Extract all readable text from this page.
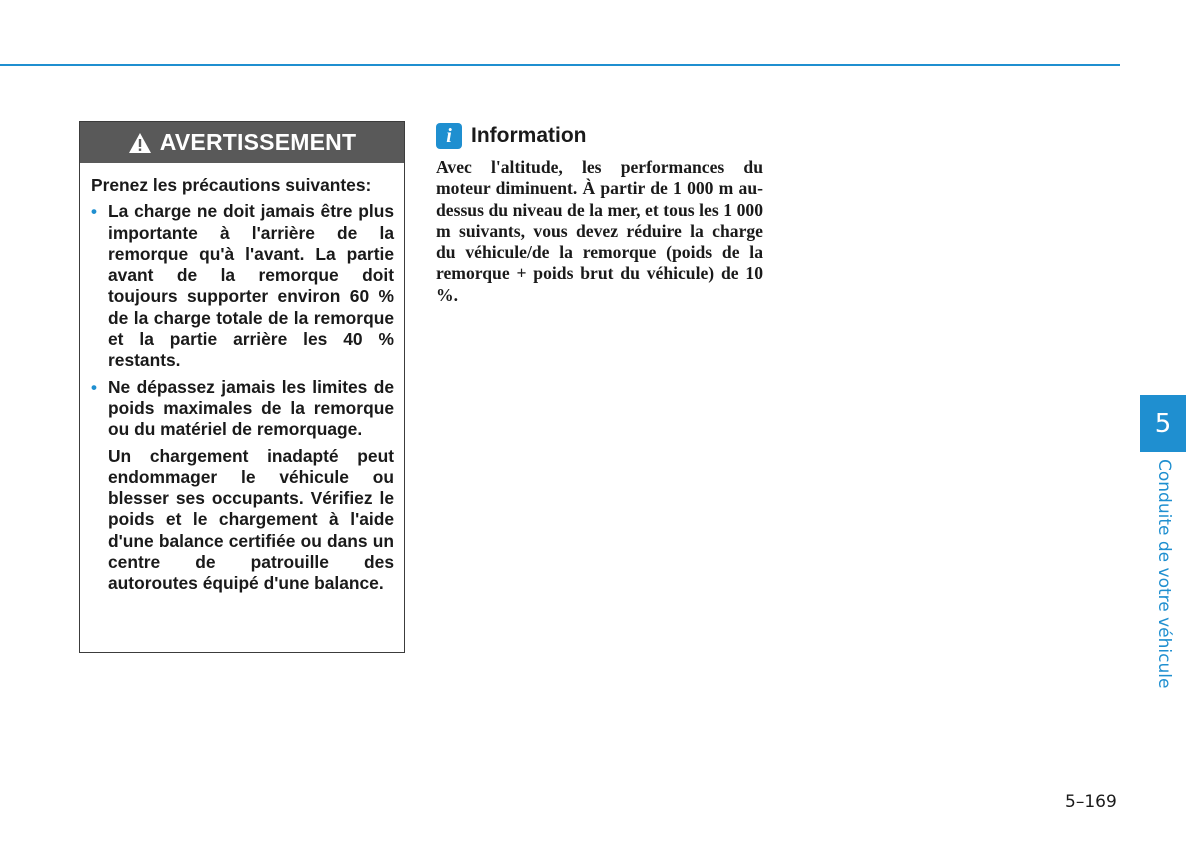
AVERTISSEMENT
Prenez les précautions suivantes:
• La charge ne doit jamais être plus importante à l'arrière de la remorque qu'à l'avant. La partie avant de la remorque doit toujours supporter environ 60 % de la charge totale de la remorque et la partie arrière les 40 % restants.
• Ne dépassez jamais les limites de poids maximales de la remorque ou du matériel de remorquage.
Un chargement inadapté peut endommager le véhicule ou blesser ses occupants. Vérifiez le poids et le chargement à l'aide d'une balance certifiée ou dans un centre de patrouille des autoroutes équipé d'une balance.
i Information
Avec l'altitude, les performances du moteur diminuent. À partir de 1 000 m au-dessus du niveau de la mer, et tous les 1 000 m suivants, vous devez réduire la charge du véhicule/de la remorque (poids de la remorque + poids brut du véhicule) de 10 %.
5
Conduite de votre véhicule
5–169
